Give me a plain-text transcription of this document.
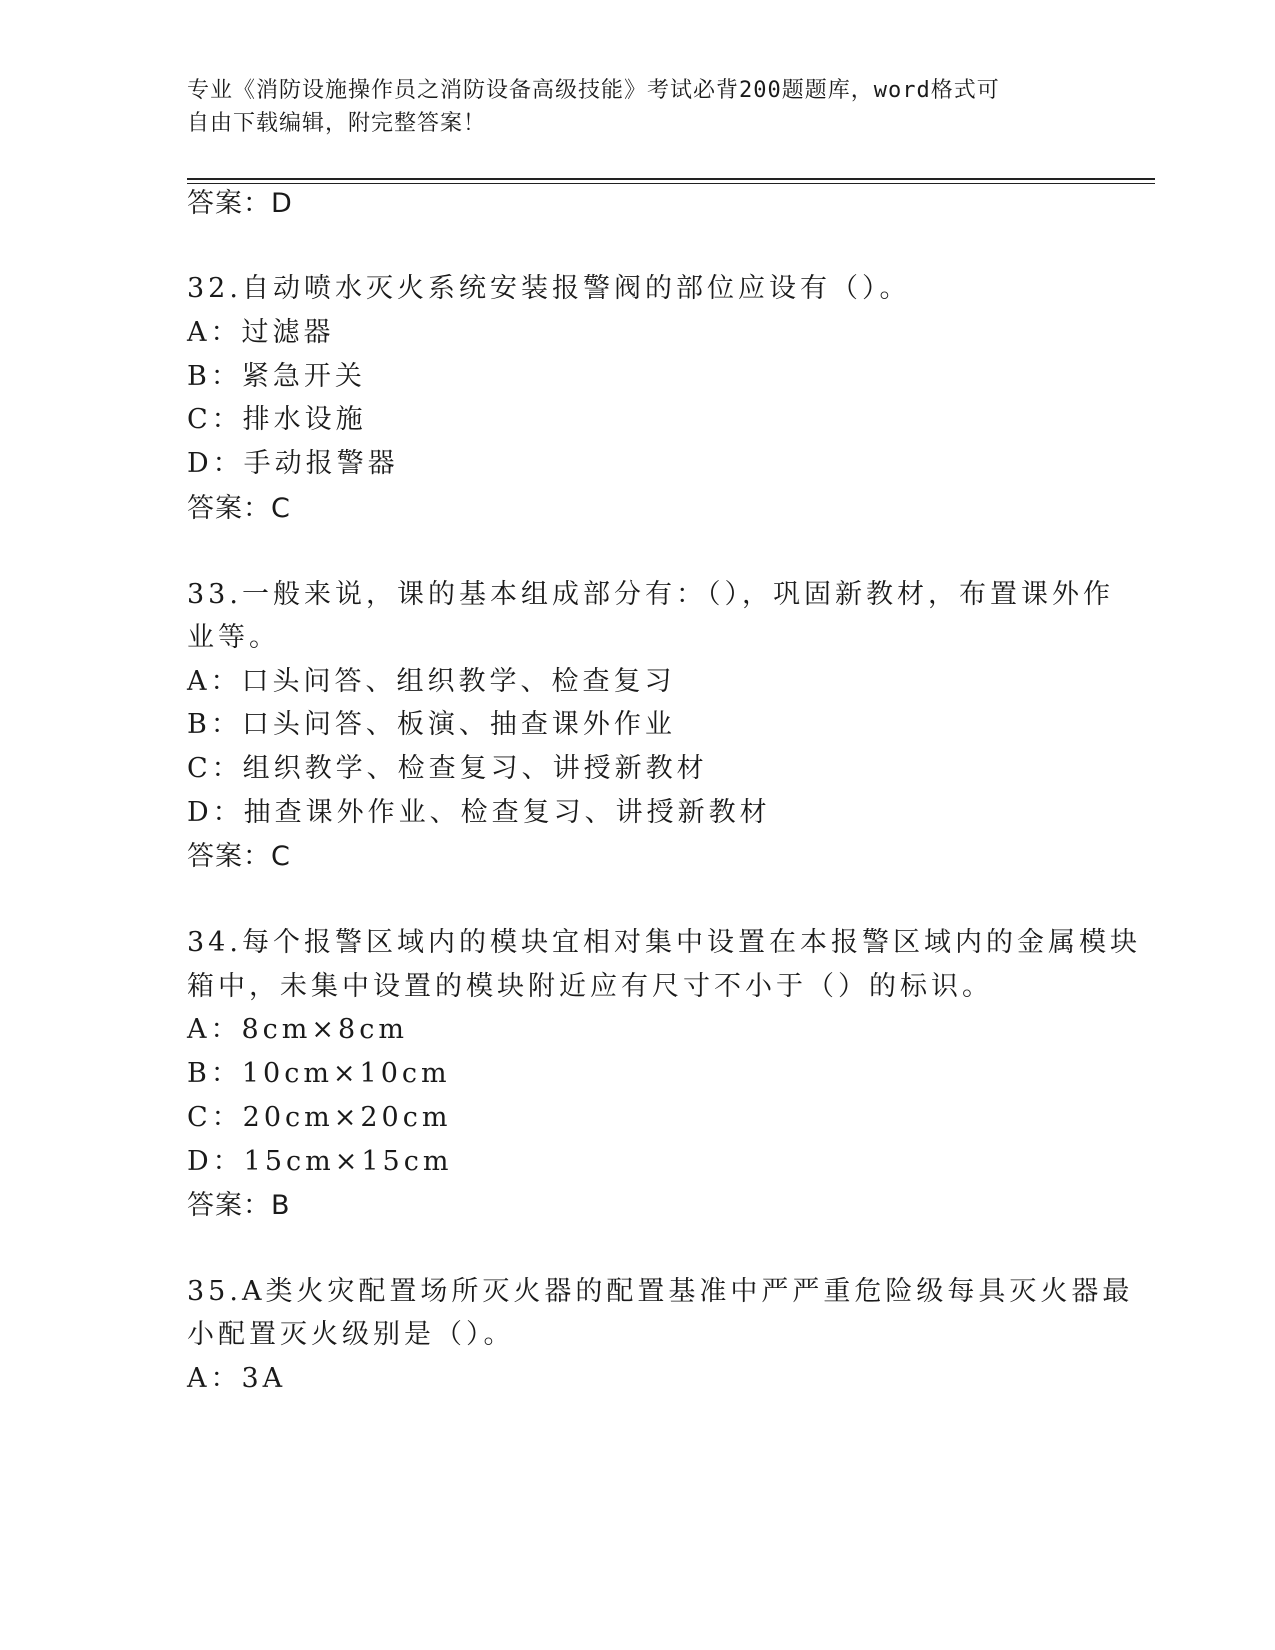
专业《消防设施操作员之消防设备高级技能》考试必背200题题库，word格式可
自由下载编辑，附完整答案！
答案：D
32.自动喷水灭火系统安装报警阀的部位应设有（）。
A：过滤器
B：紧急开关
C：排水设施
D：手动报警器
答案：C
33.一般来说，课的基本组成部分有：（），巩固新教材，布置课外作
业等。
A：口头问答、组织教学、检查复习
B：口头问答、板演、抽查课外作业
C：组织教学、检查复习、讲授新教材
D：抽查课外作业、检查复习、讲授新教材
答案：C
34.每个报警区域内的模块宜相对集中设置在本报警区域内的金属模块
箱中，未集中设置的模块附近应有尺寸不小于（）的标识。
A：8cm×8cm
B：10cm×10cm
C：20cm×20cm
D：15cm×15cm
答案：B
35.A类火灾配置场所灭火器的配置基准中严严重危险级每具灭火器最
小配置灭火级别是（）。
A：3A
